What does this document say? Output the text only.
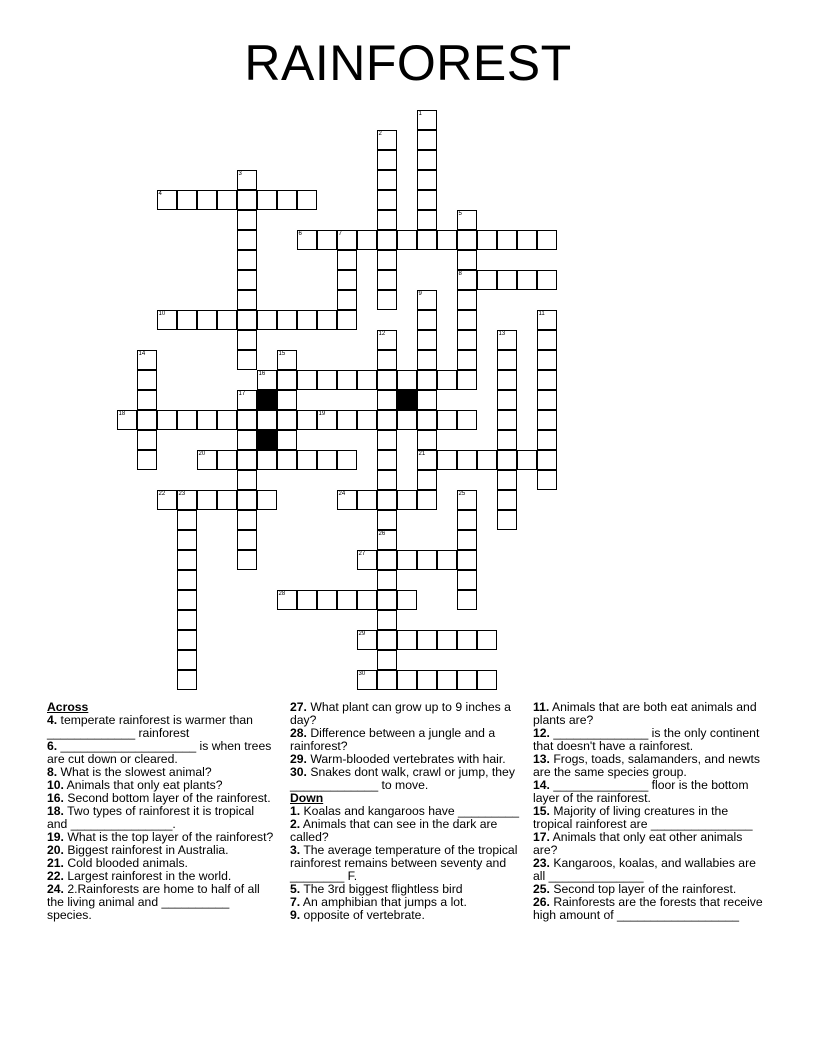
RAINFOREST
4
6	7
8
10
16
18	19
20	21
22 23	24
27
28
29
30
1
2
3
5
9
11
12	13
14	15
17
25
26
Across
4. temperate rainforest is warmer than _____________ rainforest
6. ____________________ is when trees are cut down or cleared.
8. What is the slowest animal?
10. Animals that only eat plants?
16. Second bottom layer of the rainforest.
18. Two types of rainforest it is tropical and _______________.
19. What is the top layer of the rainforest?
20. Biggest rainforest in Australia.
21. Cold blooded animals.
22. Largest rainforest in the world.
24. 2.Rainforests are home to half of all the living animal and __________ species.
27. What plant can grow up to 9 inches a day?
28. Difference between a jungle and a rainforest?
29. Warm-blooded vertebrates with hair.
30. Snakes dont walk, crawl or jump, they _____________ to move.
Down
1. Koalas and kangaroos have _________
2. Animals that can see in the dark are called?
3. The average temperature of the tropical rainforest remains between seventy and ________ F.
5. The 3rd biggest flightless bird
7. An amphibian that jumps a lot.
9. opposite of vertebrate.
11. Animals that are both eat animals and plants are?
12. ______________ is the only continent that doesn't have a rainforest.
13. Frogs, toads, salamanders, and newts are the same species group.
14. ______________ floor is the bottom layer of the rainforest.
15. Majority of living creatures in the tropical rainforest are _______________
17. Animals that only eat other animals are?
23. Kangaroos, koalas, and wallabies are all ______________
25. Second top layer of the rainforest.
26. Rainforests are the forests that receive high amount of __________________
